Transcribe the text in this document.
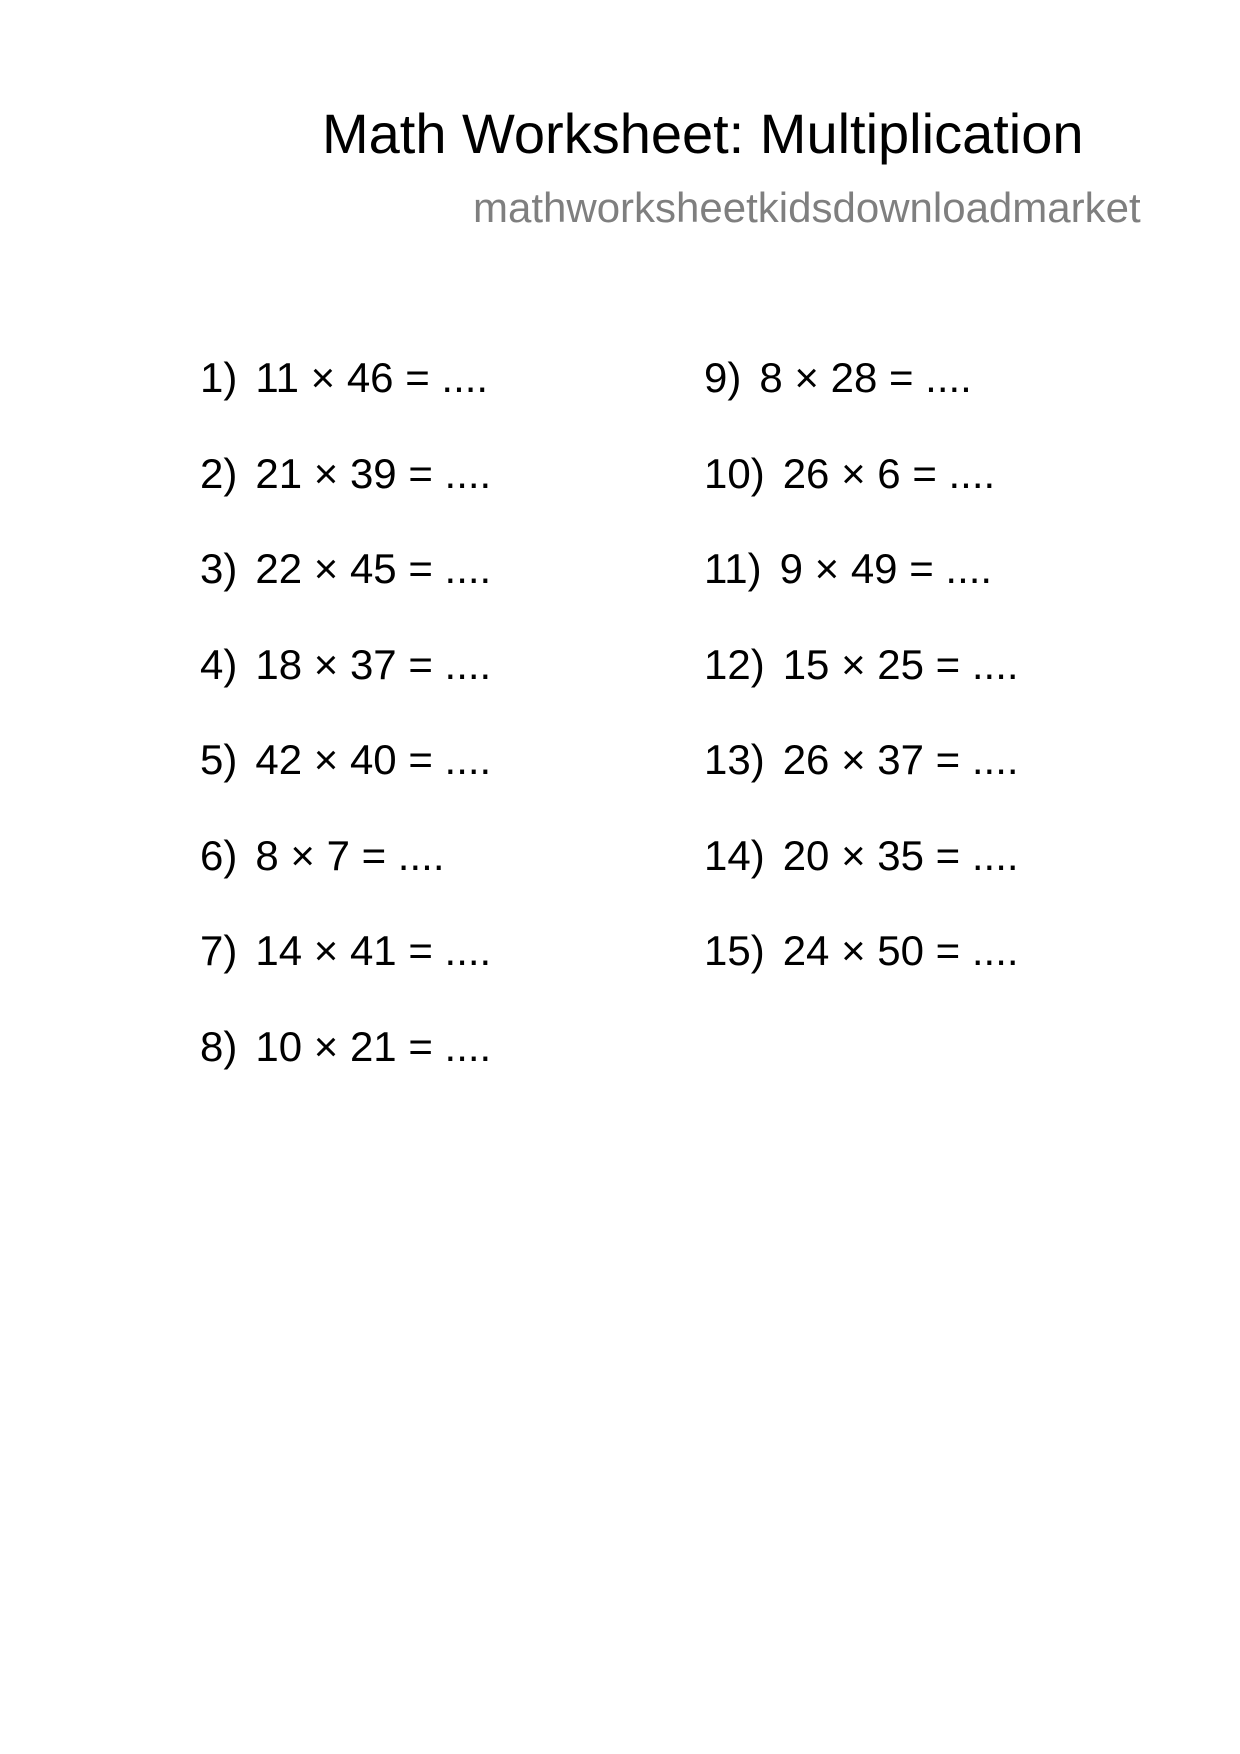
Math Worksheet: Multiplication
mathworksheetkidsdownloadmarket
1) 11 × 46 = ....
2) 21 × 39 = ....
3) 22 × 45 = ....
4) 18 × 37 = ....
5) 42 × 40 = ....
6) 8 × 7 = ....
7) 14 × 41 = ....
8) 10 × 21 = ....
9) 8 × 28 = ....
10) 26 × 6 = ....
11) 9 × 49 = ....
12) 15 × 25 = ....
13) 26 × 37 = ....
14) 20 × 35 = ....
15) 24 × 50 = ....
